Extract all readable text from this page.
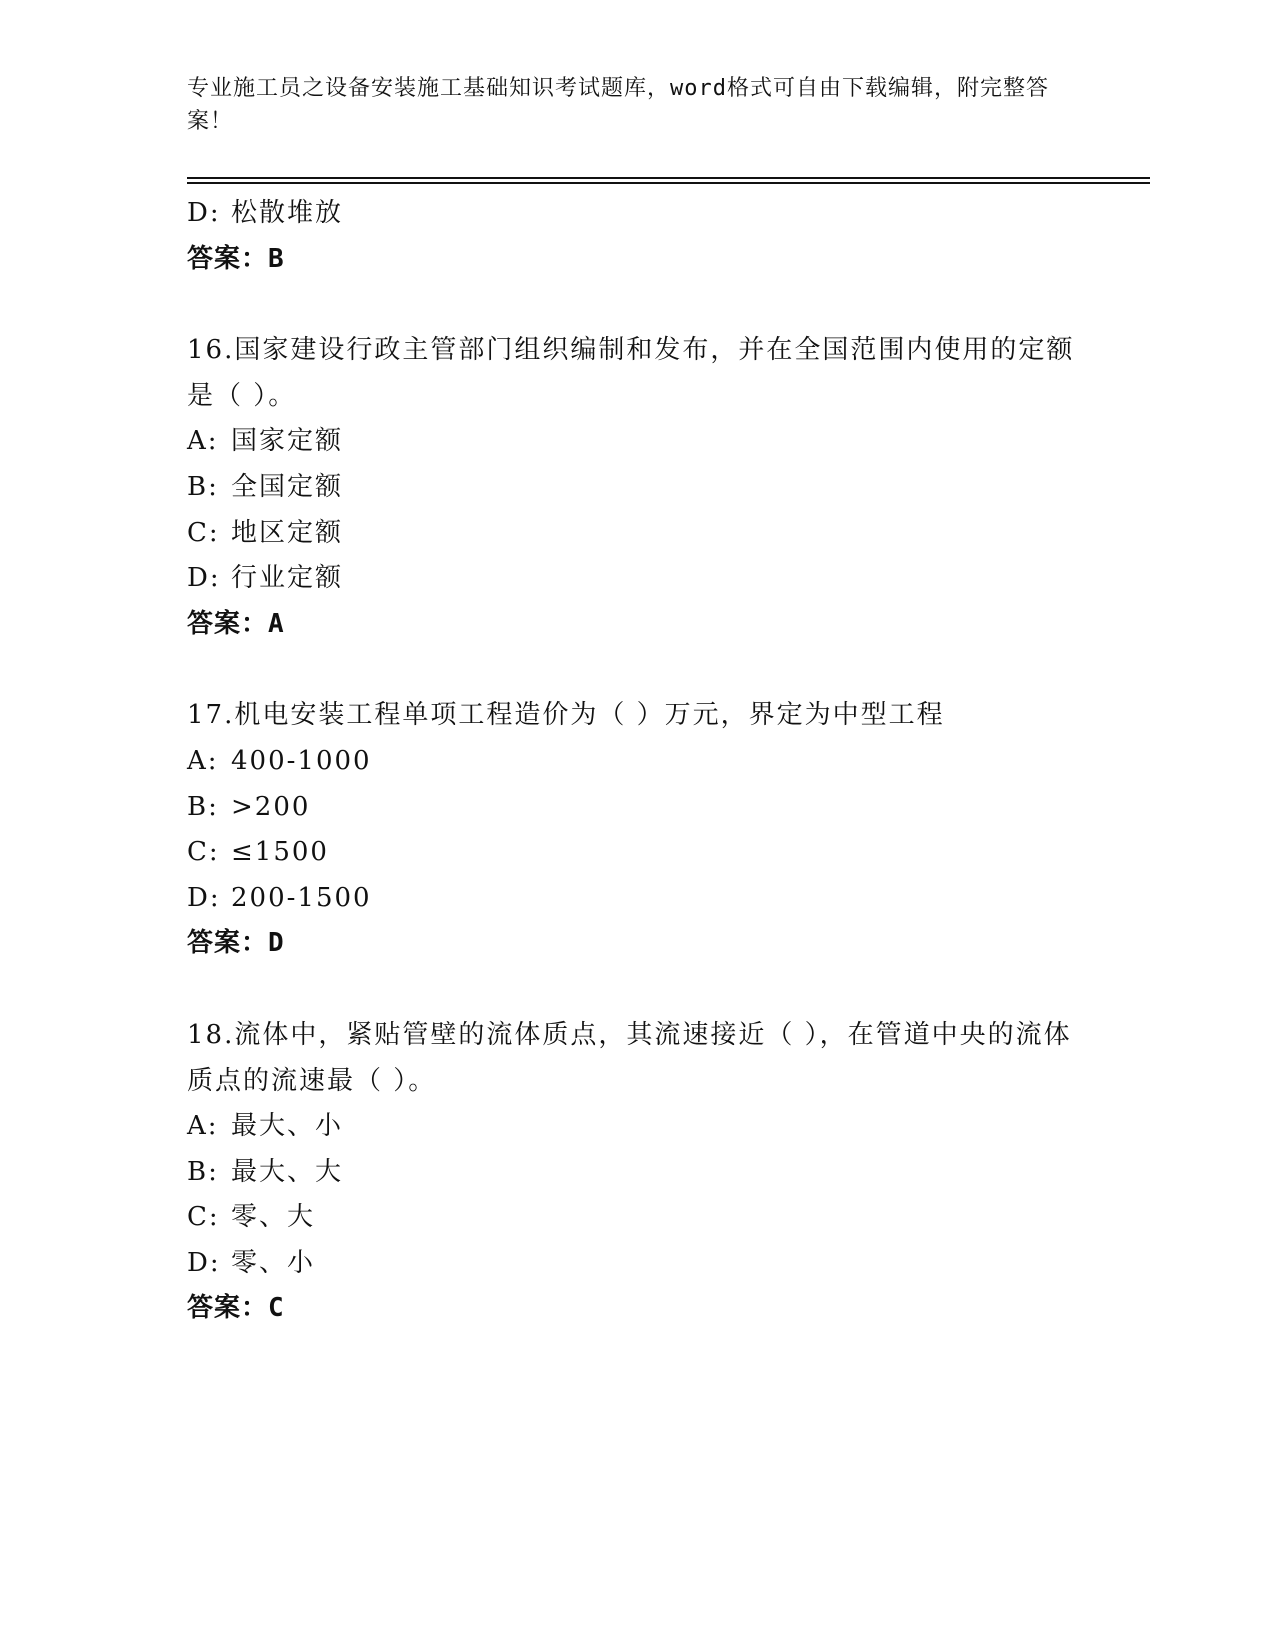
专业施工员之设备安装施工基础知识考试题库，word格式可自由下载编辑，附完整答案！
D: 松散堆放
答案：B
16.国家建设行政主管部门组织编制和发布，并在全国范围内使用的定额是（ ）。
A: 国家定额
B: 全国定额
C: 地区定额
D: 行业定额
答案：A
17.机电安装工程单项工程造价为（ ）万元，界定为中型工程
A: 400-1000
B: >200
C: ≤1500
D: 200-1500
答案：D
18.流体中，紧贴管壁的流体质点，其流速接近（ ），在管道中央的流体质点的流速最（ ）。
A: 最大、小
B: 最大、大
C: 零、大
D: 零、小
答案：C
